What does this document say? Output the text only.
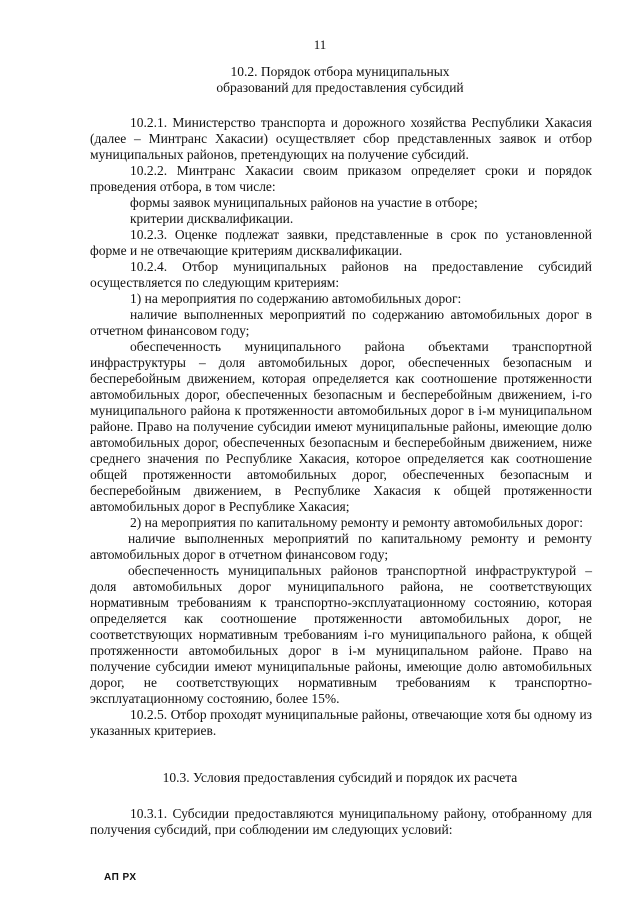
11
10.2. Порядок отбора муниципальных
образований для предоставления субсидий

10.2.1. Министерство транспорта и дорожного хозяйства Республики Хакасия (далее – Минтранс Хакасии) осуществляет сбор представленных заявок и отбор муниципальных районов, претендующих на получение субсидий.

10.2.2. Минтранс Хакасии своим приказом определяет сроки и порядок проведения отбора, в том числе:

формы заявок муниципальных районов на участие в отборе;

критерии дисквалификации.

10.2.3. Оценке подлежат заявки, представленные в срок по установленной форме и не отвечающие критериям дисквалификации.

10.2.4. Отбор муниципальных районов на предоставление субсидий осуществляется по следующим критериям:

1) на мероприятия по содержанию автомобильных дорог:

наличие выполненных мероприятий по содержанию автомобильных дорог в отчетном финансовом году;

обеспеченность муниципального района объектами транспортной инфраструктуры – доля автомобильных дорог, обеспеченных безопасным и бесперебойным движением, которая определяется как соотношение протяженности автомобильных дорог, обеспеченных безопасным и бесперебойным движением, i-го муниципального района к протяженности автомобильных дорог в i-м муниципальном районе. Право на получение субсидии имеют муниципальные районы, имеющие долю автомобильных дорог, обеспеченных безопасным и бесперебойным движением, ниже среднего значения по Республике Хакасия, которое определяется как соотношение общей протяженности автомобильных дорог, обеспеченных безопасным и бесперебойным движением, в Республике Хакасия к общей протяженности автомобильных дорог в Республике Хакасия;

2) на мероприятия по капитальному ремонту и ремонту автомобильных дорог:

наличие выполненных мероприятий по капитальному ремонту и ремонту автомобильных дорог в отчетном финансовом году;

обеспеченность муниципальных районов транспортной инфраструктурой – доля автомобильных дорог муниципального района, не соответствующих нормативным требованиям к транспортно-эксплуатационному состоянию, которая определяется как соотношение протяженности автомобильных дорог, не соответствующих нормативным требованиям i-го муниципального района, к общей протяженности автомобильных дорог в i-м муниципальном районе. Право на получение субсидии имеют муниципальные районы, имеющие долю автомобильных дорог, не соответствующих нормативным требованиям к транспортно-эксплуатационному состоянию, более 15%.

10.2.5. Отбор проходят муниципальные районы, отвечающие хотя бы одному из указанных критериев.

10.3. Условия предоставления субсидий и порядок их расчета

10.3.1. Субсидии предоставляются муниципальному району, отобранному для получения субсидий, при соблюдении им следующих условий:

АП РХ
